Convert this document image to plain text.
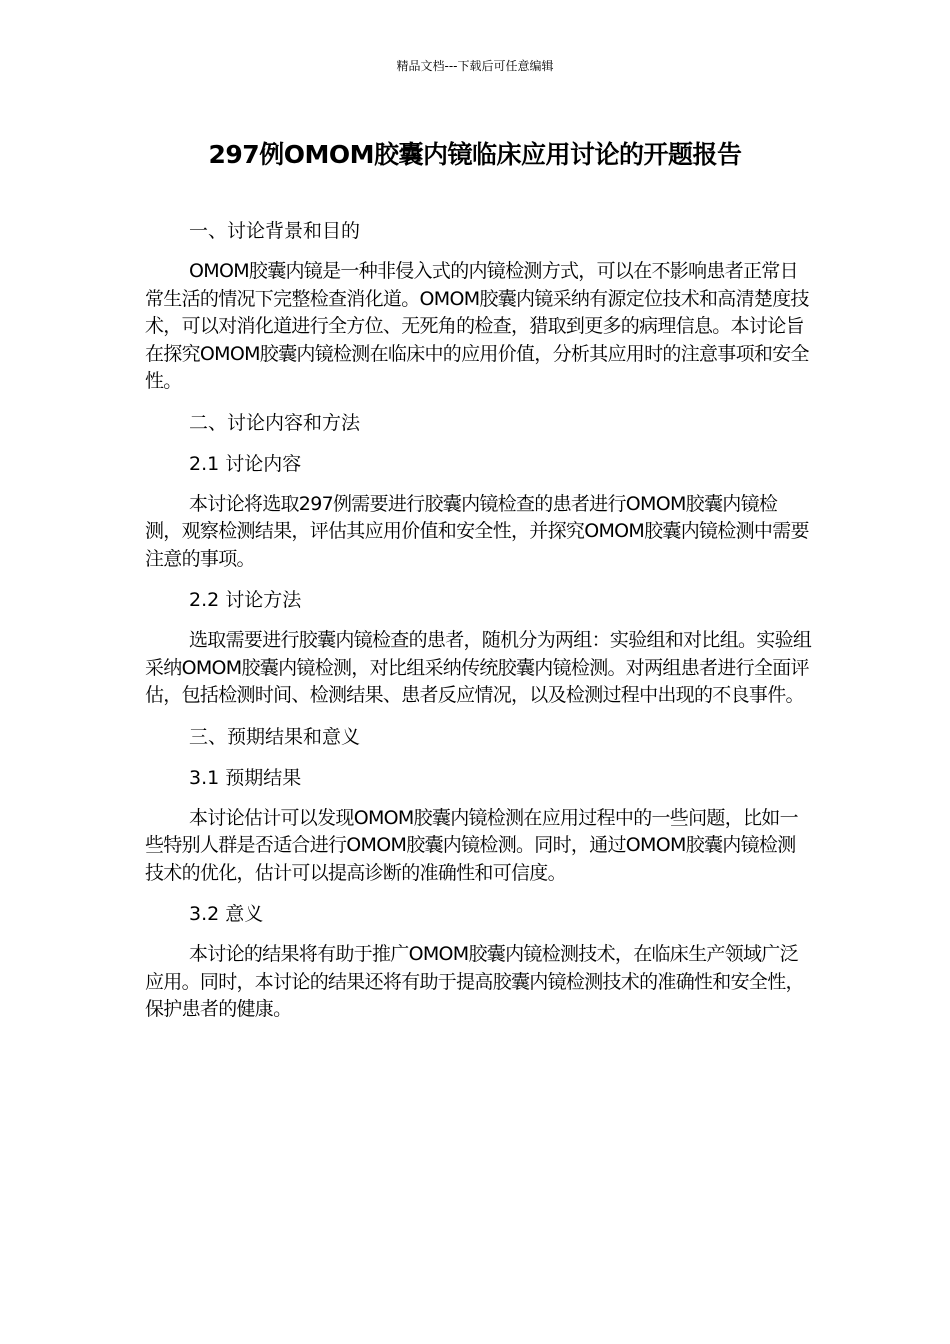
精品文档---下载后可任意编辑
297例OMOM胶囊内镜临床应用讨论的开题报告
一、讨论背景和目的
OMOM胶囊内镜是一种非侵入式的内镜检测方式，可以在不影响患者正常日常生活的情况下完整检查消化道。OMOM胶囊内镜采纳有源定位技术和高清楚度技术，可以对消化道进行全方位、无死角的检查，猎取到更多的病理信息。本讨论旨在探究OMOM胶囊内镜检测在临床中的应用价值，分析其应用时的注意事项和安全性。
二、讨论内容和方法
2.1 讨论内容
本讨论将选取297例需要进行胶囊内镜检查的患者进行OMOM胶囊内镜检测，观察检测结果，评估其应用价值和安全性，并探究OMOM胶囊内镜检测中需要注意的事项。
2.2 讨论方法
选取需要进行胶囊内镜检查的患者，随机分为两组：实验组和对比组。实验组采纳OMOM胶囊内镜检测，对比组采纳传统胶囊内镜检测。对两组患者进行全面评估，包括检测时间、检测结果、患者反应情况，以及检测过程中出现的不良事件。
三、预期结果和意义
3.1 预期结果
本讨论估计可以发现OMOM胶囊内镜检测在应用过程中的一些问题，比如一些特别人群是否适合进行OMOM胶囊内镜检测。同时，通过OMOM胶囊内镜检测技术的优化，估计可以提高诊断的准确性和可信度。
3.2 意义
本讨论的结果将有助于推广OMOM胶囊内镜检测技术，在临床生产领域广泛应用。同时，本讨论的结果还将有助于提高胶囊内镜检测技术的准确性和安全性，保护患者的健康。
